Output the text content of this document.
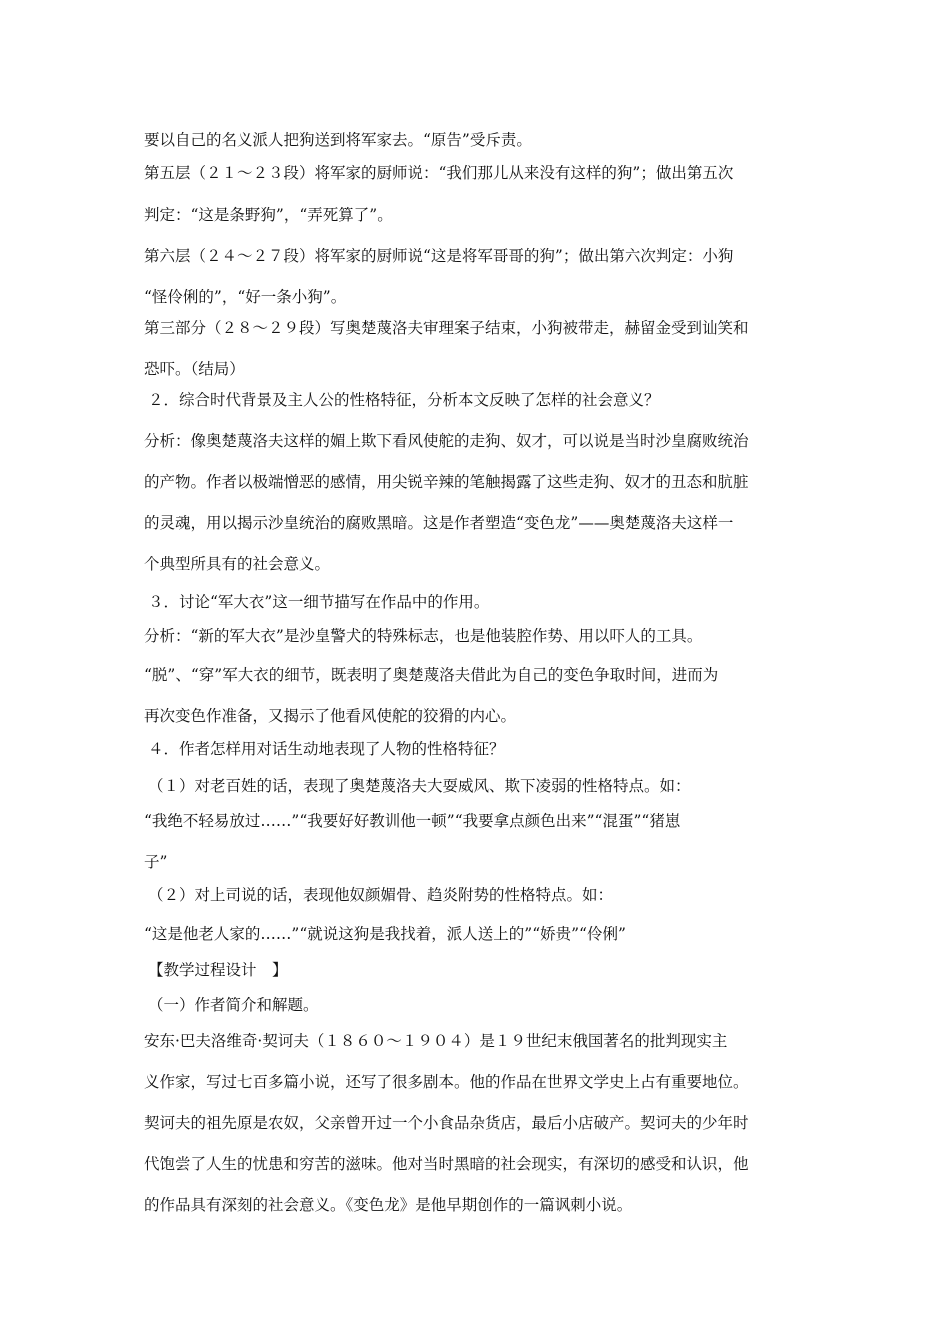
要以自己的名义派人把狗送到将军家去。“原告”受斥责。
第五层（２１～２３段）将军家的厨师说：“我们那儿从来没有这样的狗”；做出第五次
判定：“这是条野狗”，“弄死算了”。
第六层（２４～２７段）将军家的厨师说“这是将军哥哥的狗”；做出第六次判定：小狗
“怪伶俐的”，“好一条小狗”。
第三部分（２８～２９段）写奥楚蔑洛夫审理案子结束，小狗被带走，赫留金受到讪笑和
恐吓。（结局）
２．综合时代背景及主人公的性格特征，分析本文反映了怎样的社会意义？
分析：像奥楚蔑洛夫这样的媚上欺下看风使舵的走狗、奴才，可以说是当时沙皇腐败统治
的产物。作者以极端憎恶的感情，用尖锐辛辣的笔触揭露了这些走狗、奴才的丑态和肮脏
的灵魂，用以揭示沙皇统治的腐败黑暗。这是作者塑造“变色龙”——奥楚蔑洛夫这样一
个典型所具有的社会意义。
３．讨论“军大衣”这一细节描写在作品中的作用。
分析：“新的军大衣”是沙皇警犬的特殊标志，也是他装腔作势、用以吓人的工具。
“脱”、“穿”军大衣的细节，既表明了奥楚蔑洛夫借此为自己的变色争取时间，进而为
再次变色作准备，又揭示了他看风使舵的狡猾的内心。
４．作者怎样用对话生动地表现了人物的性格特征？
（１）对老百姓的话，表现了奥楚蔑洛夫大耍威风、欺下凌弱的性格特点。如：
“我绝不轻易放过……”“我要好好教训他一顿”“我要拿点颜色出来”“混蛋”“猪崽
子”
（２）对上司说的话，表现他奴颜媚骨、趋炎附势的性格特点。如：
“这是他老人家的……”“就说这狗是我找着，派人送上的”“娇贵”“伶俐”
【教学过程设计　】
（一）作者简介和解题。
安东·巴夫洛维奇·契诃夫（１８６０～１９０４）是１９世纪末俄国著名的批判现实主
义作家，写过七百多篇小说，还写了很多剧本。他的作品在世界文学史上占有重要地位。
契诃夫的祖先原是农奴，父亲曾开过一个小食品杂货店，最后小店破产。契诃夫的少年时
代饱尝了人生的忧患和穷苦的滋味。他对当时黑暗的社会现实，有深切的感受和认识，他
的作品具有深刻的社会意义。《变色龙》是他早期创作的一篇讽刺小说。
